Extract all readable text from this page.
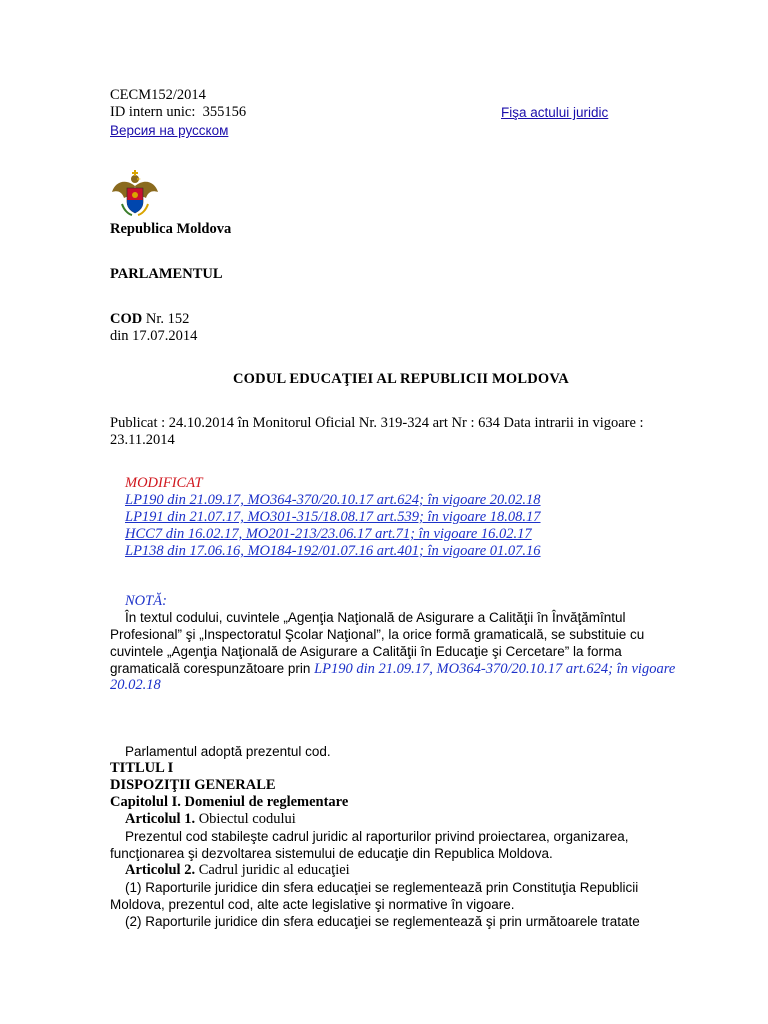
CECM152/2014
ID intern unic: 355156	Fişa actului juridic
Версия на русском
Republica Moldova
PARLAMENTUL
COD Nr. 152
din 17.07.2014
CODUL EDUCAŢIEI AL REPUBLICII MOLDOVA
Publicat : 24.10.2014 în Monitorul Oficial Nr. 319-324 art Nr : 634 Data intrarii in vigoare :
23.11.2014
MODIFICAT
LP190 din 21.09.17, MO364-370/20.10.17 art.624; în vigoare 20.02.18
LP191 din 21.07.17, MO301-315/18.08.17 art.539; în vigoare 18.08.17
HCC7 din 16.02.17, MO201-213/23.06.17 art.71; în vigoare 16.02.17
LP138 din 17.06.16, MO184-192/01.07.16 art.401; în vigoare 01.07.16
NOTĂ:
În textul codului, cuvintele „Agenţia Naţională de Asigurare a Calităţii în Învăţămîntul
Profesional” şi „Inspectoratul Şcolar Naţional”, la orice formă gramaticală, se substituie cu
cuvintele „Agenţia Naţională de Asigurare a Calităţii în Educaţie şi Cercetare” la forma
gramaticală corespunzătoare prin LP190 din 21.09.17, MO364-370/20.10.17 art.624; în vigoare
20.02.18
Parlamentul adoptă prezentul cod.
TITLUL I
DISPOZIŢII GENERALE
Capitolul I. Domeniul de reglementare
Articolul 1. Obiectul codului
Prezentul cod stabileşte cadrul juridic al raporturilor privind proiectarea, organizarea,
funcţionarea şi dezvoltarea sistemului de educaţie din Republica Moldova.
Articolul 2. Cadrul juridic al educaţiei
(1) Raporturile juridice din sfera educaţiei se reglementează prin Constituţia Republicii
Moldova, prezentul cod, alte acte legislative şi normative în vigoare.
(2) Raporturile juridice din sfera educaţiei se reglementează şi prin următoarele tratate
